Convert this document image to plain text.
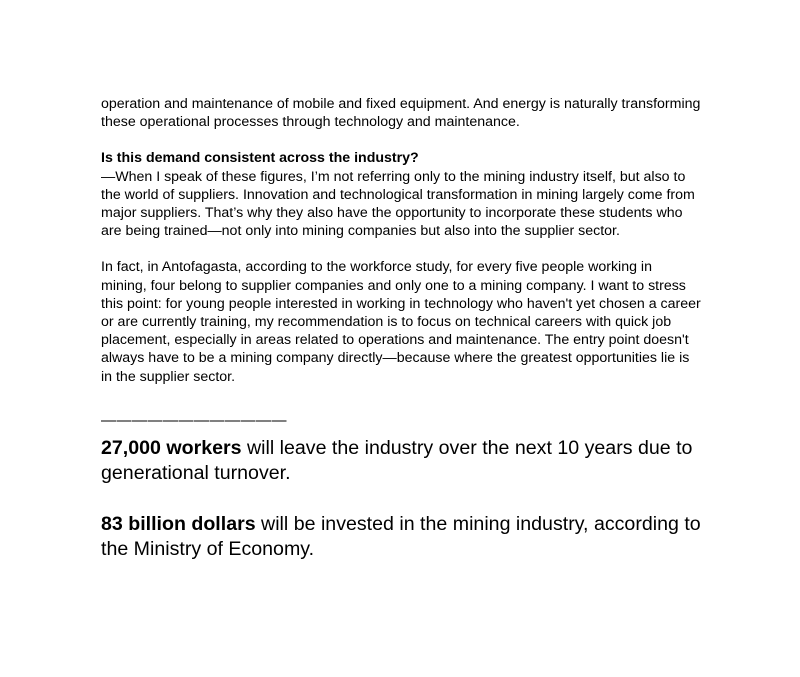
operation and maintenance of mobile and fixed equipment. And energy is naturally transforming these operational processes through technology and maintenance.

Is this demand consistent across the industry?

—When I speak of these figures, I’m not referring only to the mining industry itself, but also to the world of suppliers. Innovation and technological transformation in mining largely come from major suppliers. That’s why they also have the opportunity to incorporate these students who are being trained—not only into mining companies but also into the supplier sector.

In fact, in Antofagasta, according to the workforce study, for every five people working in mining, four belong to supplier companies and only one to a mining company. I want to stress this point: for young people interested in working in technology who haven't yet chosen a career or are currently training, my recommendation is to focus on technical careers with quick job placement, especially in areas related to operations and maintenance. The entry point doesn't always have to be a mining company directly—because where the greatest opportunities lie is in the supplier sector.

————————————

27,000 workers will leave the industry over the next 10 years due to generational turnover.

83 billion dollars will be invested in the mining industry, according to the Ministry of Economy.
